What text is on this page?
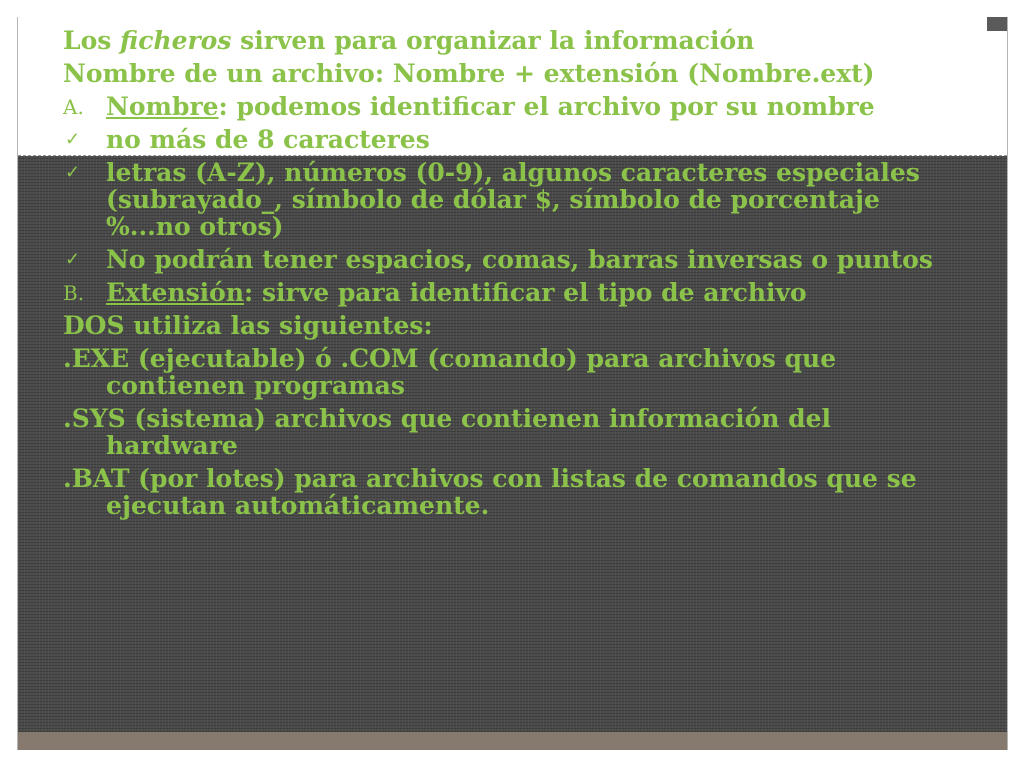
Los ficheros sirven para organizar la información
Nombre de un archivo: Nombre + extensión (Nombre.ext)
A. Nombre: podemos identificar el archivo por su nombre
✓ no más de 8 caracteres
✓ letras (A-Z), números (0-9), algunos caracteres especiales (subrayado_, símbolo de dólar $, símbolo de porcentaje %...no otros)
✓ No podrán tener espacios, comas, barras inversas o puntos
B. Extensión: sirve para identificar el tipo de archivo
DOS utiliza las siguientes:
.EXE (ejecutable) ó .COM (comando) para archivos que contienen programas
.SYS (sistema) archivos que contienen información del hardware
.BAT (por lotes) para archivos con listas de comandos que se ejecutan automáticamente.
